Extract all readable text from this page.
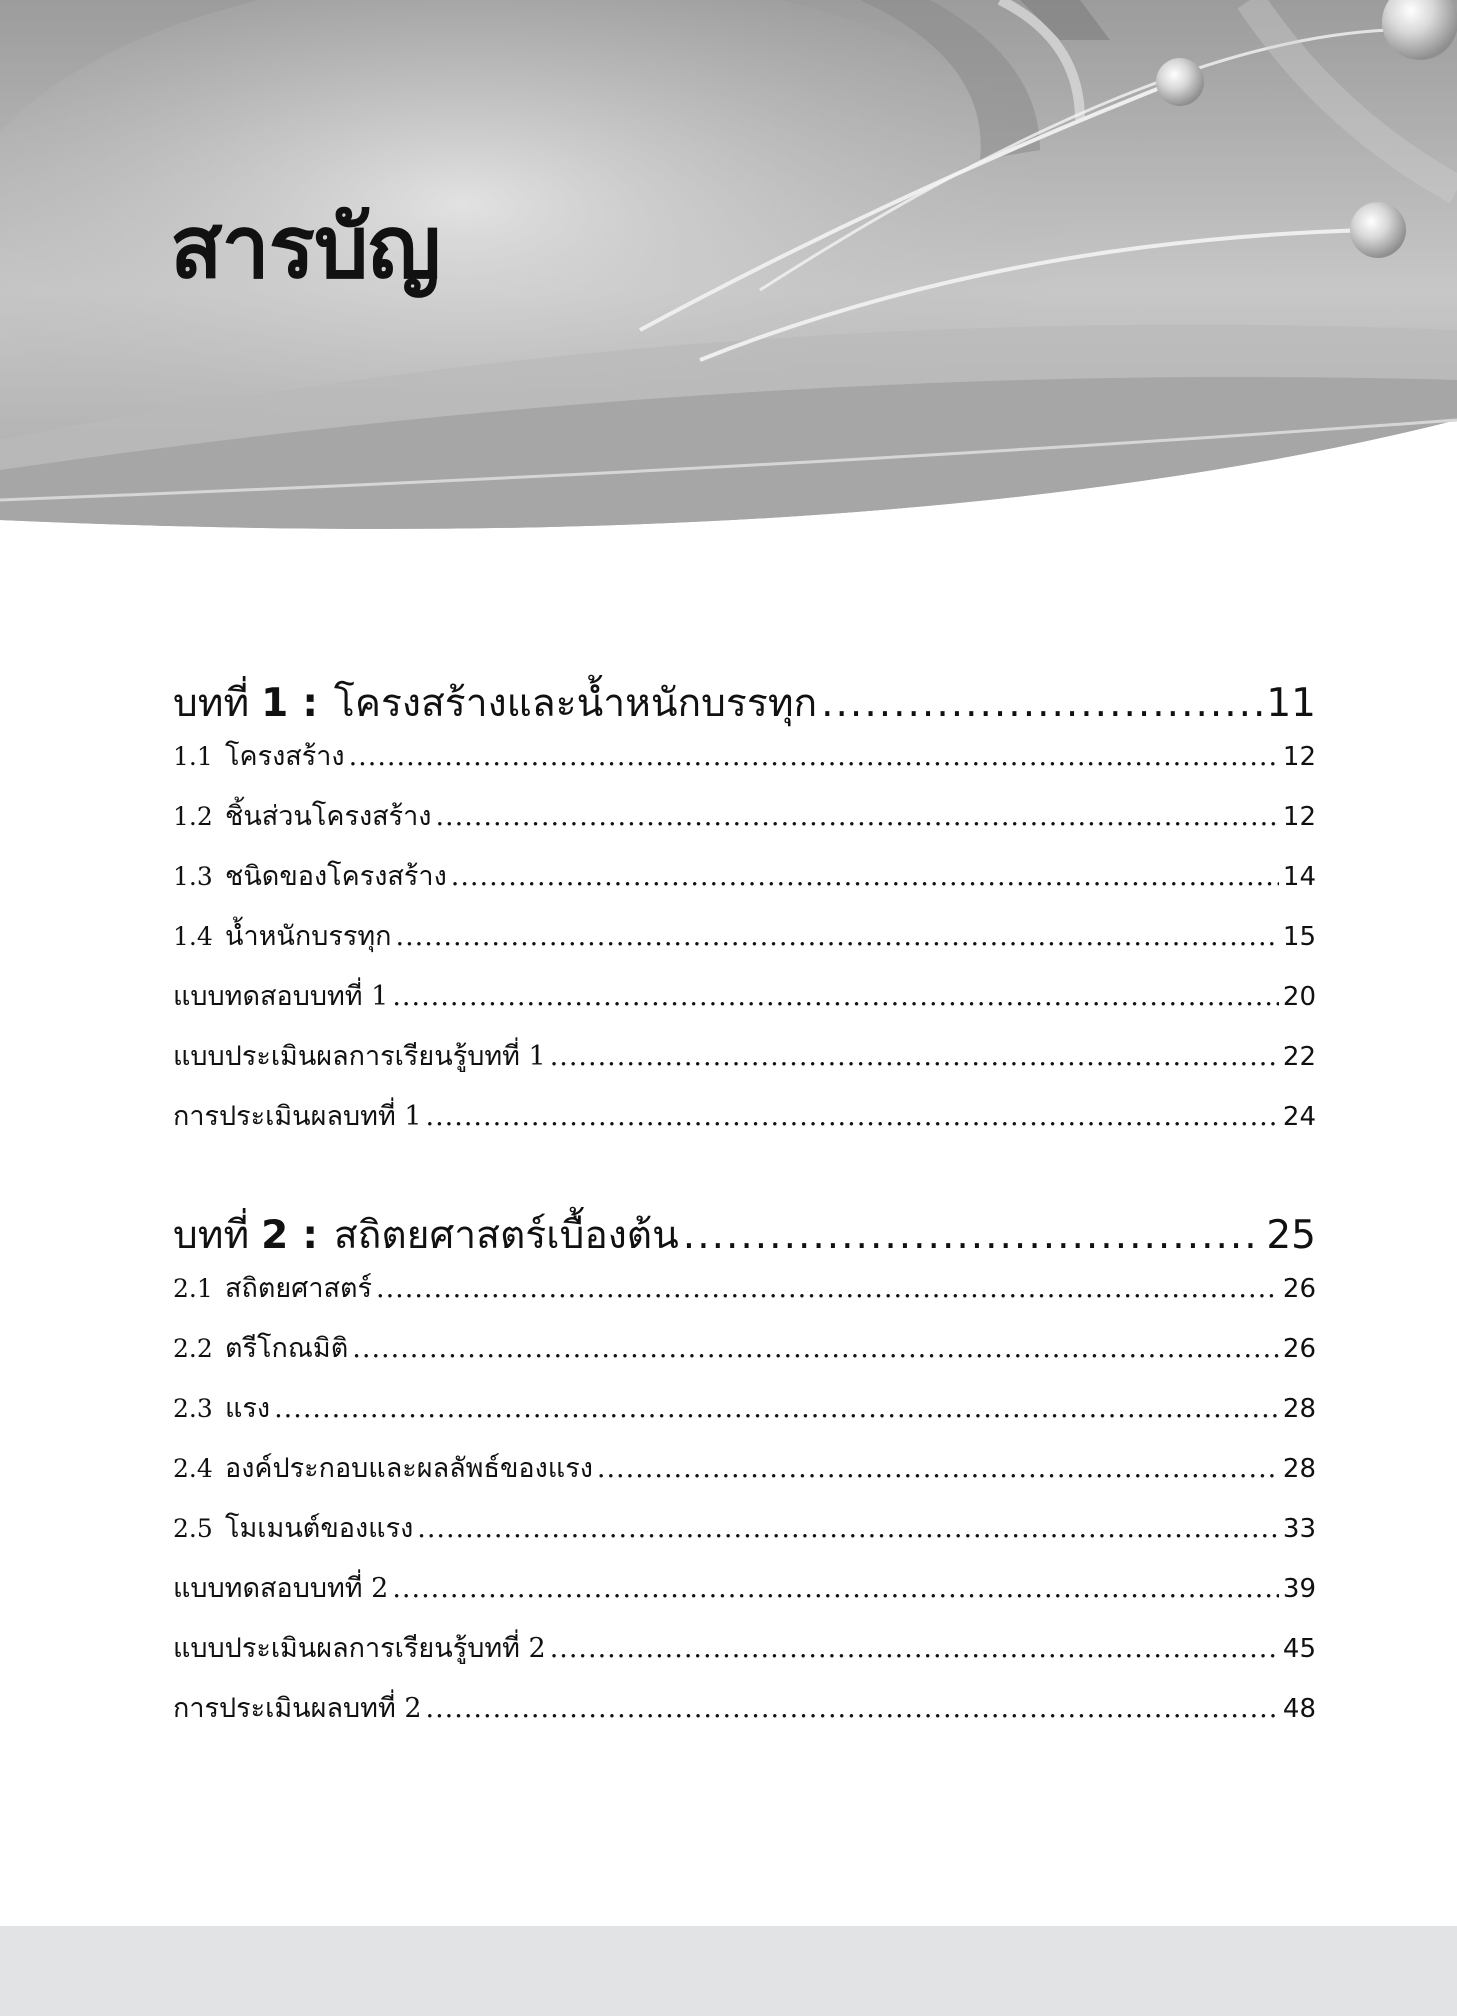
สารบัญ
บทที่ 1 : โครงสร้างและน้ำหนักบรรทุก .....	11
1.1 โครงสร้าง .....	12
1.2 ชิ้นส่วนโครงสร้าง .....	12
1.3 ชนิดของโครงสร้าง .....	14
1.4 น้ำหนักบรรทุก .....	15
แบบทดสอบบทที่ 1 .....	20
แบบประเมินผลการเรียนรู้บทที่ 1 .....	22
การประเมินผลบทที่ 1 .....	24
บทที่ 2 : สถิตยศาสตร์เบื้องต้น .....	25
2.1 สถิตยศาสตร์ .....	26
2.2 ตรีโกณมิติ .....	26
2.3 แรง .....	28
2.4 องค์ประกอบและผลลัพธ์ของแรง .....	28
2.5 โมเมนต์ของแรง .....	33
แบบทดสอบบทที่ 2 .....	39
แบบประเมินผลการเรียนรู้บทที่ 2 .....	45
การประเมินผลบทที่ 2 .....	48
